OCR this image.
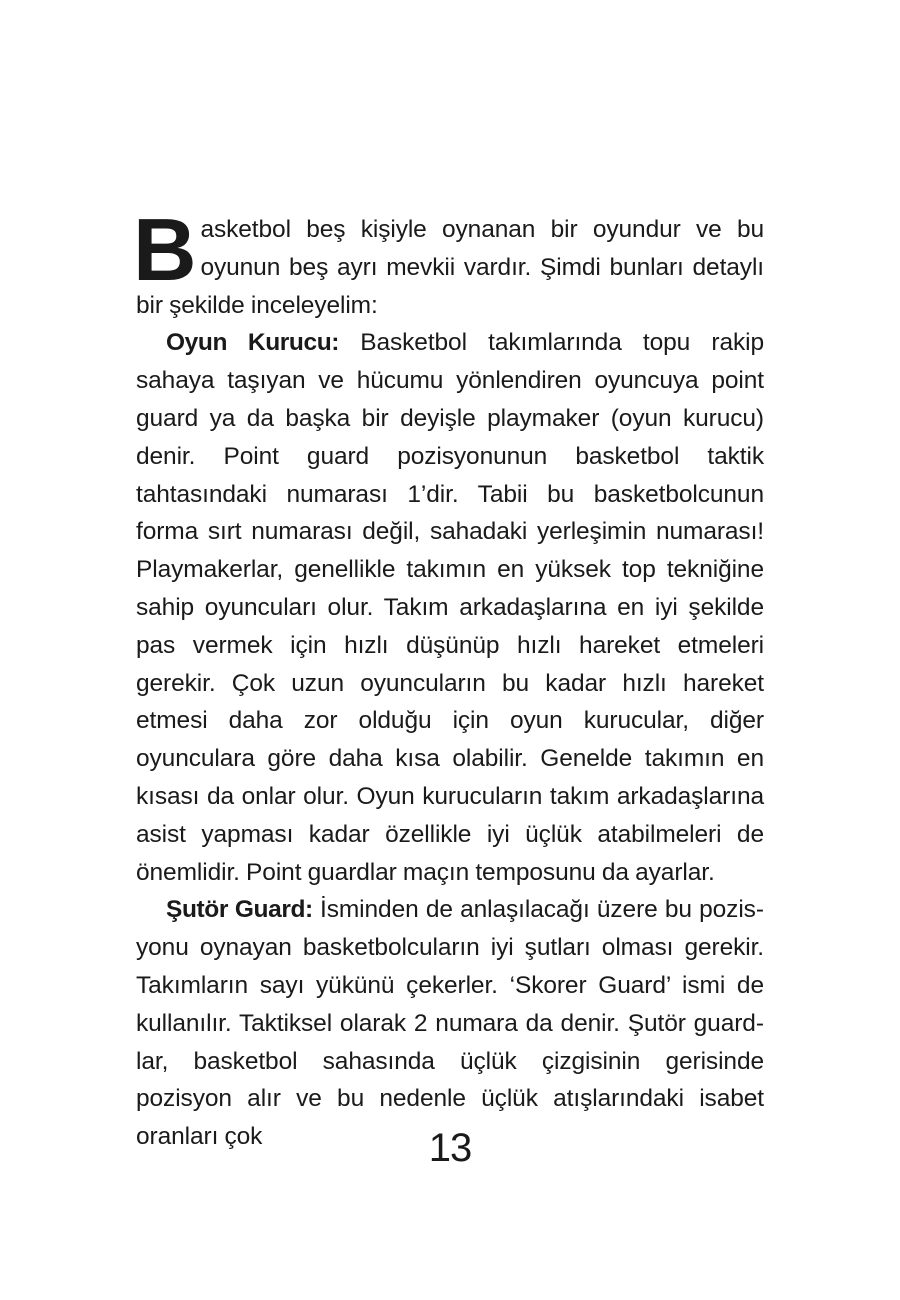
Basketbol beş kişiyle oynanan bir oyundur ve bu oyunun beş ayrı mevkii vardır. Şimdi bunları detaylı bir şekilde inceleyelim:

Oyun Kurucu: Basketbol takımlarında topu rakip sahaya taşıyan ve hücumu yönlendiren oyuncuya point guard ya da başka bir deyişle playmaker (oyun kurucu) denir. Point guard pozisyonunun basketbol taktik tahtasındaki numarası 1’dir. Tabii bu basketbolcunun forma sırt numarası değil, sahadaki yerleşimin numarası! Playmakerlar, genellikle takımın en yüksek top tekniğine sahip oyuncuları olur. Takım arkadaşlarına en iyi şekilde pas vermek için hızlı düşünüp hızlı hareket etmeleri gerekir. Çok uzun oyuncuların bu kadar hızlı hareket etmesi daha zor olduğu için oyun kurucular, diğer oyunculara göre daha kısa olabilir. Genelde takımın en kısası da onlar olur. Oyun kurucuların takım arkadaşlarına asist yapması kadar özellikle iyi üçlük atabilmeleri de önemlidir. Point guardlar maçın temposunu da ayarlar.

Şutör Guard: İsminden de anlaşılacağı üzere bu pozisyonu oynayan basketbolcuların iyi şutları olması gerekir. Takımların sayı yükünü çekerler. ‘Skorer Guard’ ismi de kullanılır. Taktiksel olarak 2 numara da denir. Şutör guardlar, basketbol sahasında üçlük çizgisinin gerisinde pozisyon alır ve bu nedenle üçlük atışlarındaki isabet oranları çok	13
